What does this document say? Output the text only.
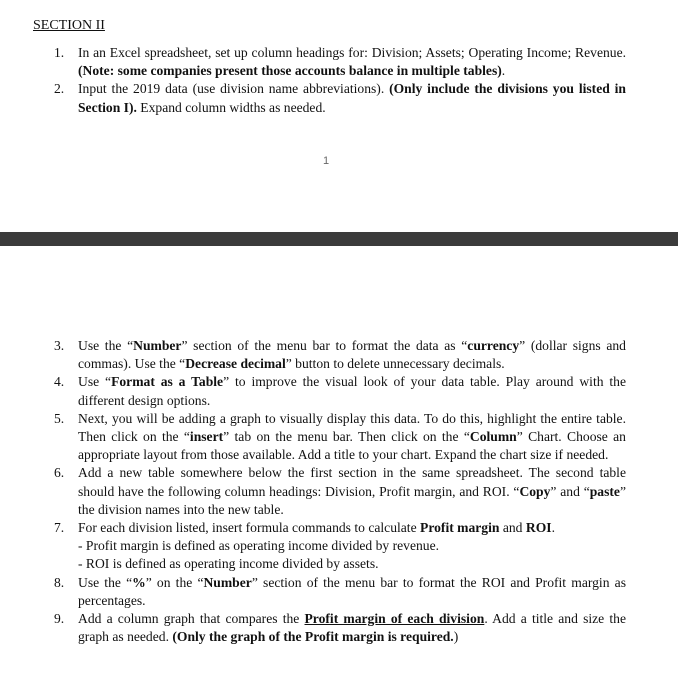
SECTION II
1. In an Excel spreadsheet, set up column headings for: Division; Assets; Operating Income; Revenue. (Note: some companies present those accounts balance in multiple tables).
2. Input the 2019 data (use division name abbreviations). (Only include the divisions you listed in Section I). Expand column widths as needed.
1
3. Use the “Number” section of the menu bar to format the data as “currency” (dollar signs and commas). Use the “Decrease decimal” button to delete unnecessary decimals.
4. Use “Format as a Table” to improve the visual look of your data table. Play around with the different design options.
5. Next, you will be adding a graph to visually display this data. To do this, highlight the entire table. Then click on the “insert” tab on the menu bar. Then click on the “Column” Chart. Choose an appropriate layout from those available. Add a title to your chart. Expand the chart size if needed.
6. Add a new table somewhere below the first section in the same spreadsheet. The second table should have the following column headings: Division, Profit margin, and ROI. “Copy” and “paste” the division names into the new table.
7. For each division listed, insert formula commands to calculate Profit margin and ROI.
- Profit margin is defined as operating income divided by revenue.
- ROI is defined as operating income divided by assets.
8. Use the “%” on the “Number” section of the menu bar to format the ROI and Profit margin as percentages.
9. Add a column graph that compares the Profit margin of each division. Add a title and size the graph as needed. (Only the graph of the Profit margin is required.)
